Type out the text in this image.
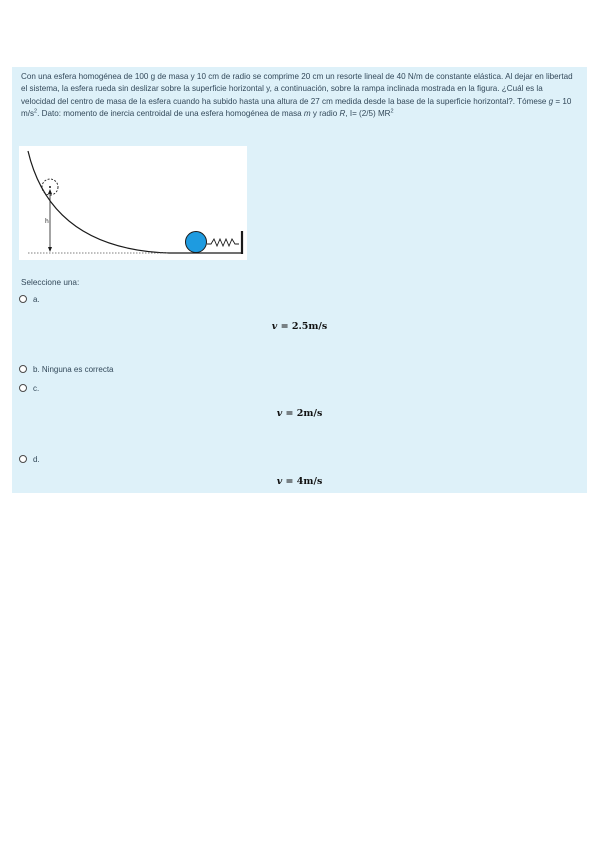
Con una esfera homogénea de 100 g de masa y 10 cm de radio se comprime 20 cm un resorte lineal de 40 N/m de constante elástica. Al dejar en libertad el sistema, la esfera rueda sin deslizar sobre la superficie horizontal y, a continuación, sobre la rampa inclinada mostrada en la figura. ¿Cuál es la velocidad del centro de masa de la esfera cuando ha subido hasta una altura de 27 cm medida desde la base de la superficie horizontal?. Tómese g = 10 $m/s^2$. Dato: momento de inercia centroidal de una esfera homogénea de masa m y radio R, I= (2/5) $MR^2$
h
Seleccione una:
a.
v = 2.5m/s
b. Ninguna es correcta
c.
v = 2m/s
d.
v = 4m/s
